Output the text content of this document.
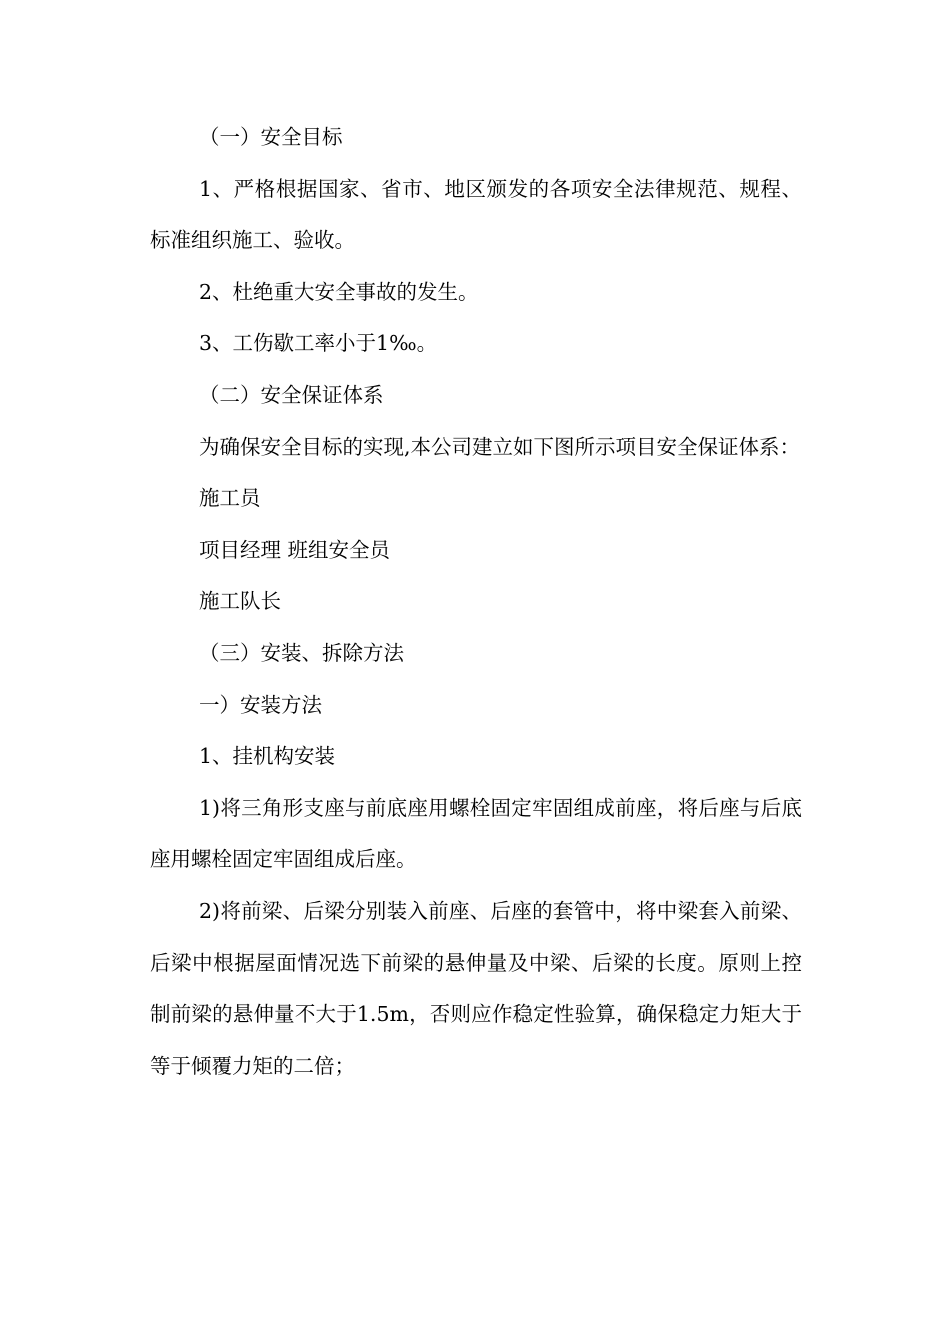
（一）安全目标

1、严格根据国家、省市、地区颁发的各项安全法律规范、规程、标准组织施工、验收。

2、杜绝重大安全事故的发生。

3、工伤歇工率小于1‰。

（二）安全保证体系

为确保安全目标的实现,本公司建立如下图所示项目安全保证体系：

施工员

项目经理 班组安全员

施工队长

（三）安装、拆除方法

一）安装方法

1、挂机构安装

1)将三角形支座与前底座用螺栓固定牢固组成前座，将后座与后底座用螺栓固定牢固组成后座。

2)将前梁、后梁分别装入前座、后座的套管中，将中梁套入前梁、后梁中根据屋面情况选下前梁的悬伸量及中梁、后梁的长度。原则上控制前梁的悬伸量不大于1.5m，否则应作稳定性验算，确保稳定力矩大于等于倾覆力矩的二倍；
